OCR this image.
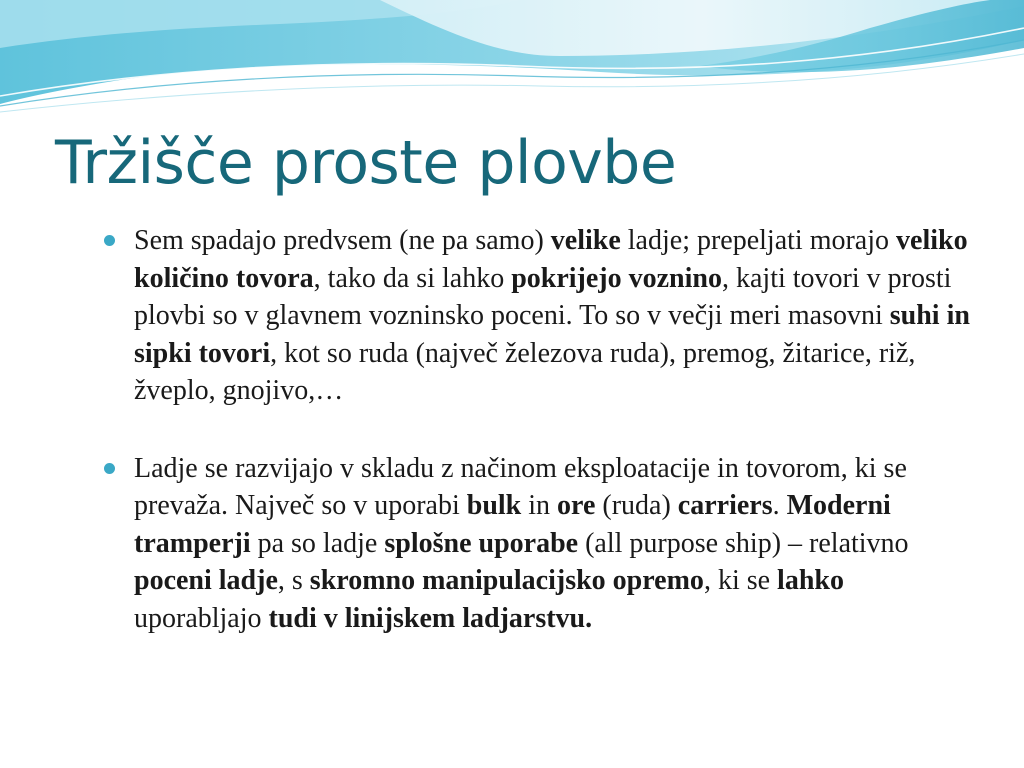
Tržišče proste plovbe
Sem spadajo predvsem (ne pa samo) velike ladje; prepeljati morajo veliko količino tovora, tako da si lahko pokrijejo voznino, kajti tovori v prosti plovbi so v glavnem vozninsko poceni. To so v večji meri masovni suhi in sipki tovori, kot so ruda (največ železova ruda), premog, žitarice, riž, žveplo, gnojivo,…
Ladje se razvijajo v skladu z načinom eksploatacije in tovorom, ki se prevaža. Največ so v uporabi bulk in ore (ruda) carriers. Moderni tramperji pa so ladje splošne uporabe (all purpose ship) – relativno poceni ladje, s skromno manipulacijsko opremo, ki se lahko uporabljajo tudi v linijskem ladjarstvu.
